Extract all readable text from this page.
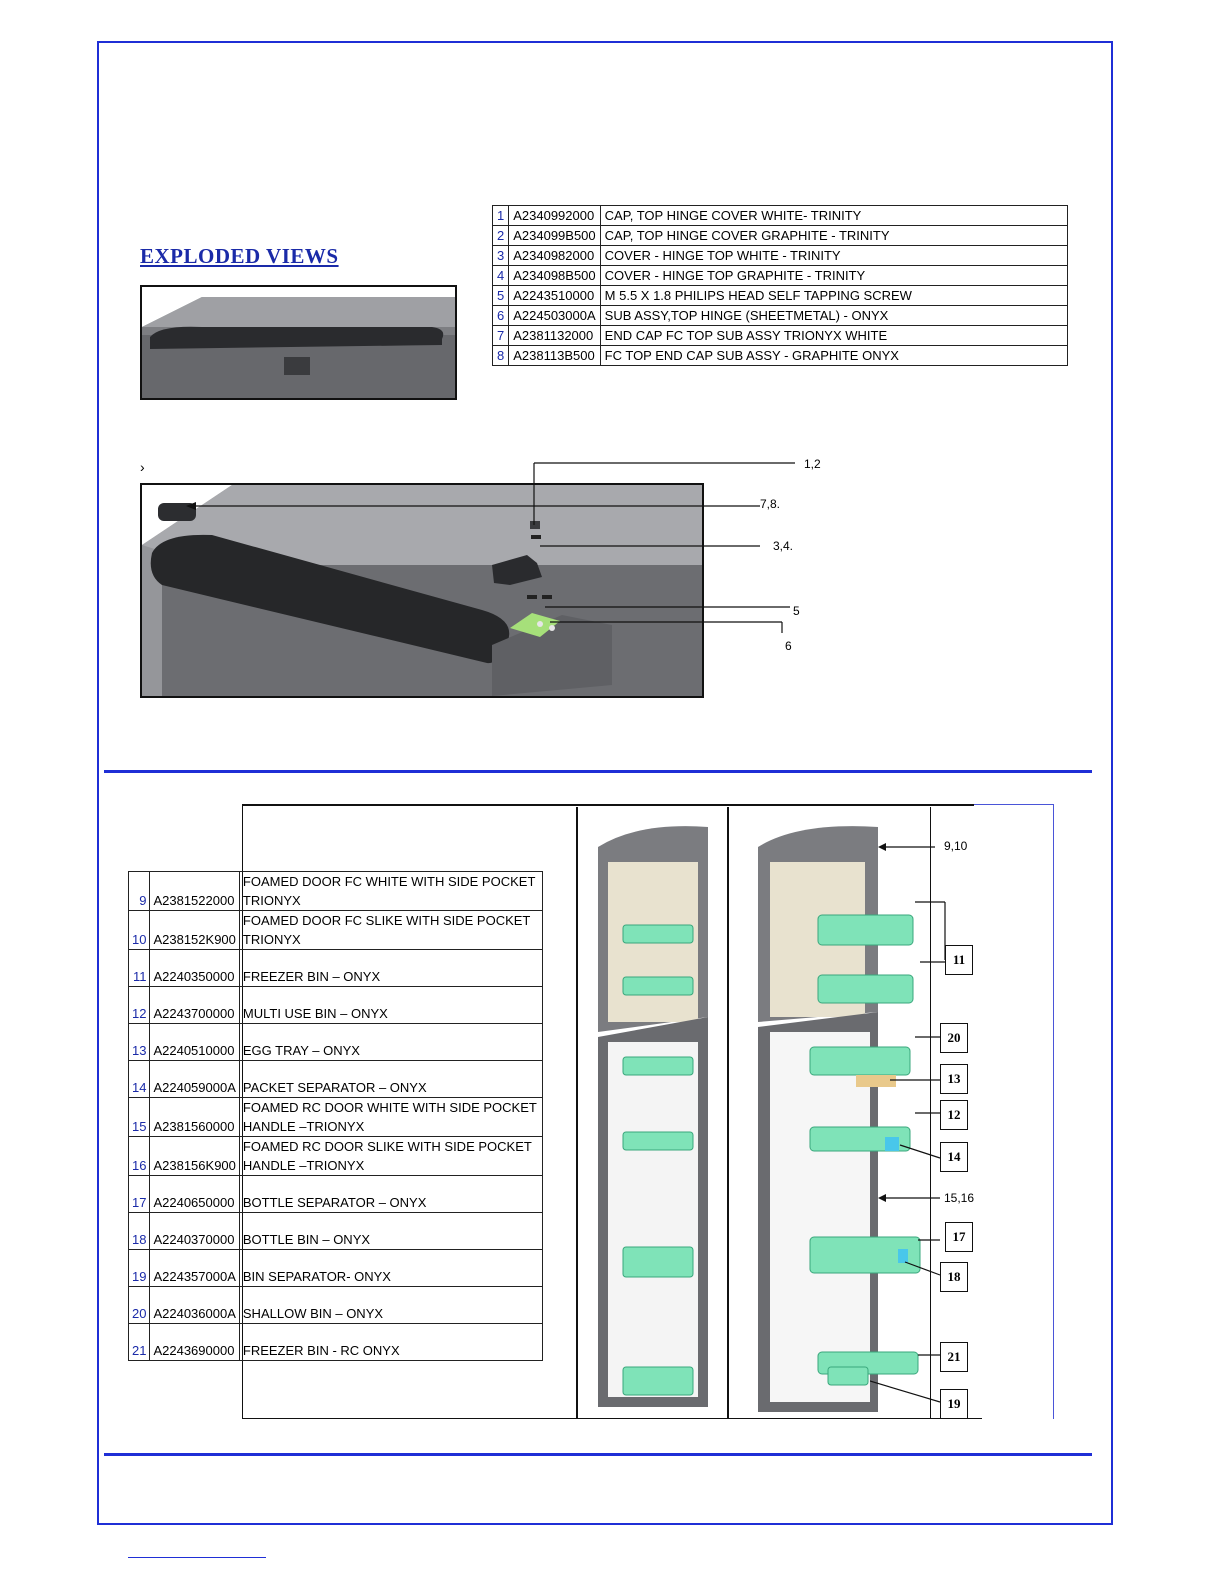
EXPLODED VIEWS
1	A2340992000	CAP, TOP HINGE COVER WHITE- TRINITY
2	A234099B500	CAP, TOP HINGE COVER GRAPHITE - TRINITY
3	A2340982000	COVER - HINGE TOP WHITE - TRINITY
4	A234098B500	COVER - HINGE TOP GRAPHITE - TRINITY
5	A2243510000	M 5.5 X 1.8 PHILIPS HEAD SELF TAPPING SCREW
6	A224503000A	SUB ASSY,TOP HINGE (SHEETMETAL) - ONYX
7	A2381132000	END CAP FC TOP SUB ASSY TRIONYX WHITE
8	A238113B500	FC TOP END CAP SUB ASSY - GRAPHITE ONYX
›	1,2
7,8.
3,4.
5
6
9	A2381522000	FOAMED DOOR FC WHITE WITH SIDE POCKET TRIONYX
10	A238152K900	FOAMED DOOR FC SLIKE WITH SIDE POCKET TRIONYX
11	A2240350000	FREEZER BIN – ONYX
12	A2243700000	MULTI USE BIN – ONYX
13	A2240510000	EGG TRAY – ONYX
14	A224059000A	PACKET SEPARATOR – ONYX
15	A2381560000	FOAMED RC DOOR WHITE WITH SIDE POCKET HANDLE –TRIONYX
16	A238156K900	FOAMED RC DOOR SLIKE WITH SIDE POCKET HANDLE –TRIONYX
17	A2240650000	BOTTLE SEPARATOR – ONYX
18	A2240370000	BOTTLE BIN – ONYX
19	A224357000A	BIN SEPARATOR- ONYX
20	A224036000A	SHALLOW BIN – ONYX
21	A2243690000	FREEZER BIN - RC ONYX
9,10
15,16
11
20
13
12
14
17
18
21
19
